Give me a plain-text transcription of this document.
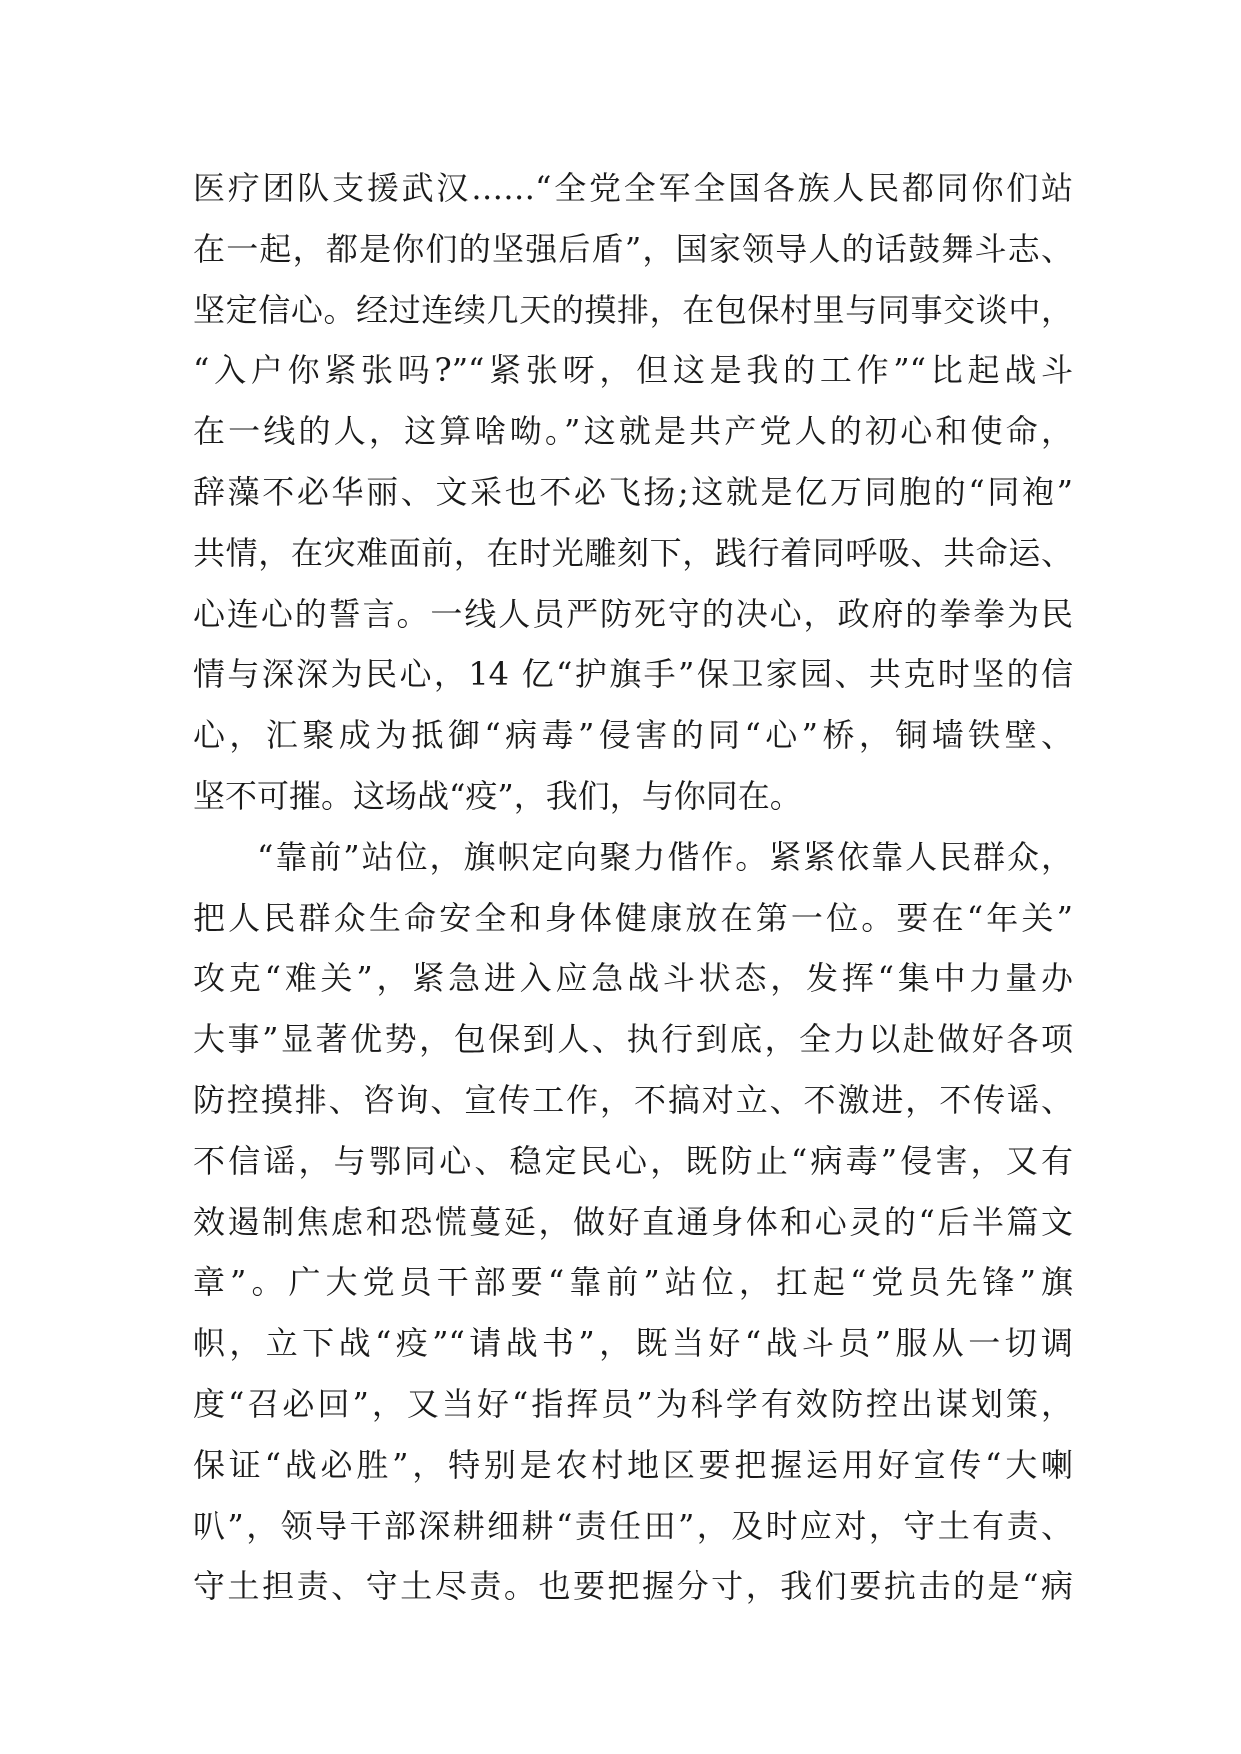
医疗团队支援武汉……“全党全军全国各族人民都同你们站
在一起，都是你们的坚强后盾”，国家领导人的话鼓舞斗志、
坚定信心。经过连续几天的摸排，在包保村里与同事交谈中，
“入户你紧张吗?”“紧张呀，但这是我的工作”“比起战斗
在一线的人，这算啥呦。”这就是共产党人的初心和使命，
辞藻不必华丽、文采也不必飞扬;这就是亿万同胞的“同袍”
共情，在灾难面前，在时光雕刻下，践行着同呼吸、共命运、
心连心的誓言。一线人员严防死守的决心，政府的拳拳为民
情与深深为民心，14 亿“护旗手”保卫家园、共克时坚的信
心，汇聚成为抵御“病毒”侵害的同“心”桥，铜墙铁壁、
坚不可摧。这场战“疫”，我们，与你同在。
“靠前”站位，旗帜定向聚力偕作。紧紧依靠人民群众，
把人民群众生命安全和身体健康放在第一位。要在“年关”
攻克“难关”，紧急进入应急战斗状态，发挥“集中力量办
大事”显著优势，包保到人、执行到底，全力以赴做好各项
防控摸排、咨询、宣传工作，不搞对立、不激进，不传谣、
不信谣，与鄂同心、稳定民心，既防止“病毒”侵害，又有
效遏制焦虑和恐慌蔓延，做好直通身体和心灵的“后半篇文
章”。广大党员干部要“靠前”站位，扛起“党员先锋”旗
帜，立下战“疫”“请战书”，既当好“战斗员”服从一切调
度“召必回”，又当好“指挥员”为科学有效防控出谋划策，
保证“战必胜”，特别是农村地区要把握运用好宣传“大喇
叭”，领导干部深耕细耕“责任田”，及时应对，守土有责、
守土担责、守土尽责。也要把握分寸，我们要抗击的是“病
